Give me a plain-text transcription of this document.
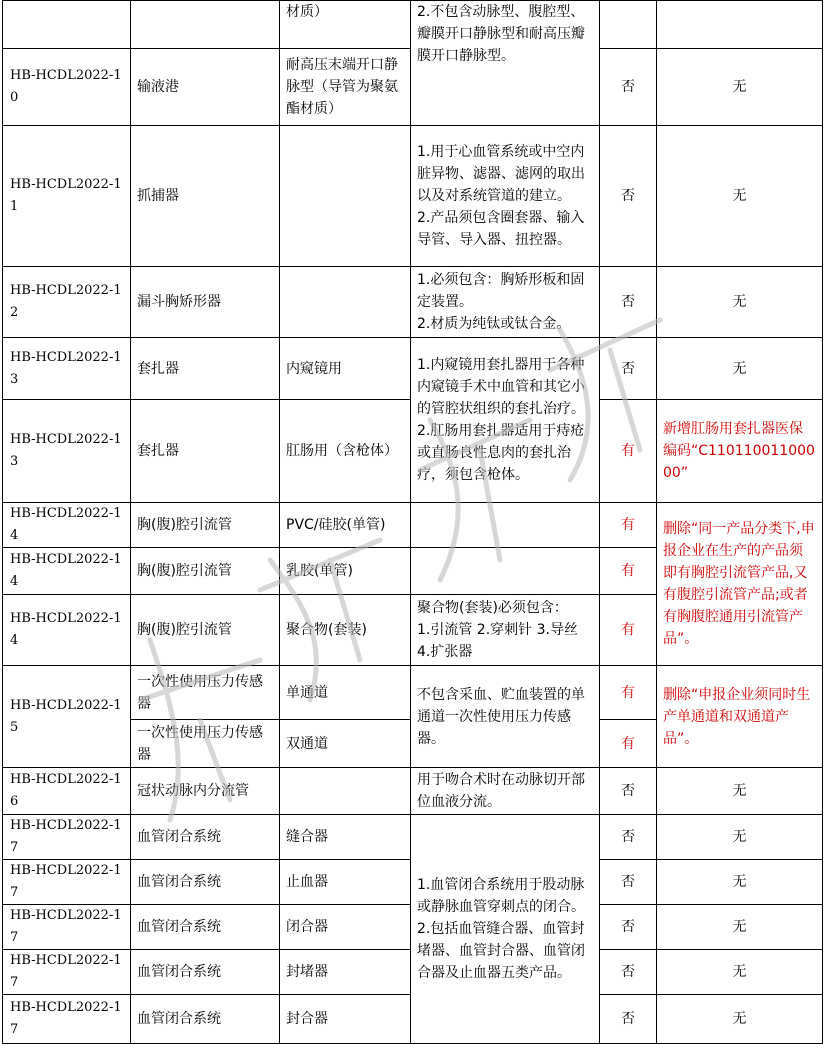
		材质）	2.不包含动脉型、腹腔型、瓣膜开口静脉型和耐高压瓣膜开口静脉型。		
HB-HCDL2022-10	输液港	耐高压末端开口静脉型（导管为聚氨酯材质）		否	无
HB-HCDL2022-11	抓捕器		1.用于心血管系统或中空内脏异物、滤器、滤网的取出以及对系统管道的建立。
2.产品须包含圈套器、输入导管、导入器、扭控器。	否	无
HB-HCDL2022-12	漏斗胸矫形器		1.必须包含：胸矫形板和固定装置。
2.材质为纯钛或钛合金。	否	无
HB-HCDL2022-13	套扎器	内窥镜用	1.内窥镜用套扎器用于各种内窥镜手术中血管和其它小的管腔状组织的套扎治疗。
2.肛肠用套扎器适用于痔疮或直肠良性息肉的套扎治疗，须包含枪体。	否	无
HB-HCDL2022-13	套扎器	肛肠用（含枪体）		有	新增肛肠用套扎器医保编码“C11011001100000”
HB-HCDL2022-14	胸(腹)腔引流管	PVC/硅胶(单管)		有	删除“同一产品分类下,申报企业在生产的产品须即有胸腔引流管产品,又有腹腔引流管产品;或者有胸腹腔通用引流管产品”。
HB-HCDL2022-14	胸(腹)腔引流管	乳胶(单管)		有	
HB-HCDL2022-14	胸(腹)腔引流管	聚合物(套装)	聚合物(套装)必须包含：
1.引流管 2.穿刺针 3.导丝 4.扩张器	有	
HB-HCDL2022-15	一次性使用压力传感器	单通道	不包含采血、贮血装置的单通道一次性使用压力传感器。	有	删除“申报企业须同时生产单通道和双通道产品”。
	一次性使用压力传感器	双通道		有	
HB-HCDL2022-16	冠状动脉内分流管		用于吻合术时在动脉切开部位血液分流。	否	无
HB-HCDL2022-17	血管闭合系统	缝合器	1.血管闭合系统用于股动脉或静脉血管穿刺点的闭合。
2.包括血管缝合器、血管封堵器、血管封合器、血管闭合器及止血器五类产品。	否	无
HB-HCDL2022-17	血管闭合系统	止血器		否	无
HB-HCDL2022-17	血管闭合系统	闭合器		否	无
HB-HCDL2022-17	血管闭合系统	封堵器		否	无
HB-HCDL2022-17	血管闭合系统	封合器		否	无
